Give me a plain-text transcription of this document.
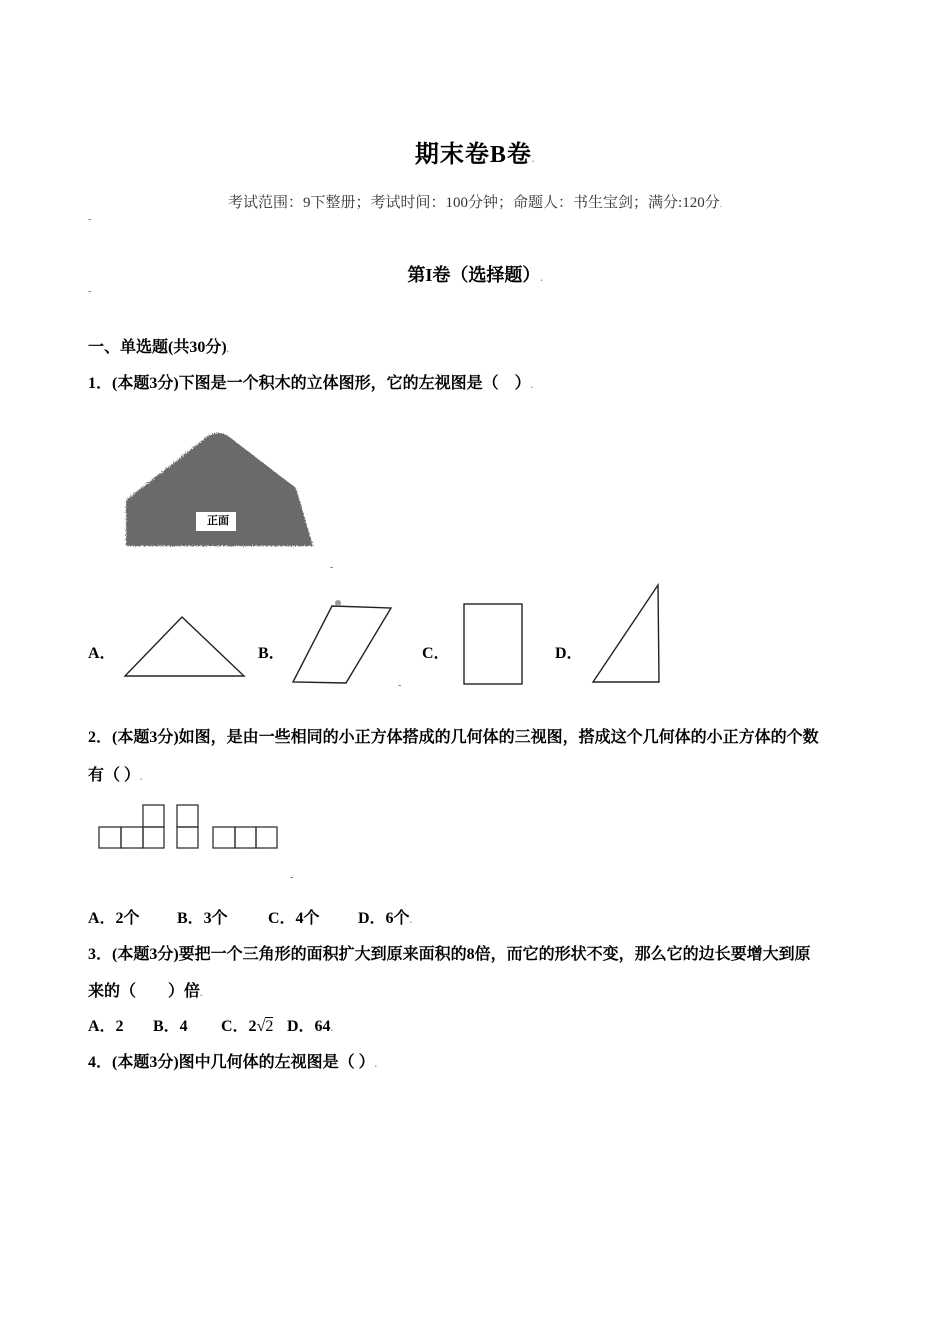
期末卷B卷.
考试范围：9下整册；考试时间：100分钟；命题人：书生宝剑；满分:120分.
-
第I卷（选择题）.
-
一、单选题(共30分).
1．(本题3分)下图是一个积木的立体图形，它的左视图是（　）.
正面
-
A．	B．	C．	D．
-
2．(本题3分)如图，是由一些相同的小正方体搭成的几何体的三视图，搭成这个几何体的小正方体的个数
有（ ）.
-
A．2个 B．3个	C．4个 D．6个.
3．(本题3分)要把一个三角形的面积扩大到原来面积的8倍，而它的形状不变，那么它的边长要增大到原
来的（　　）倍.
A．2 B．4 C．2√2 D．64.
4．(本题3分)图中几何体的左视图是（ ）.
